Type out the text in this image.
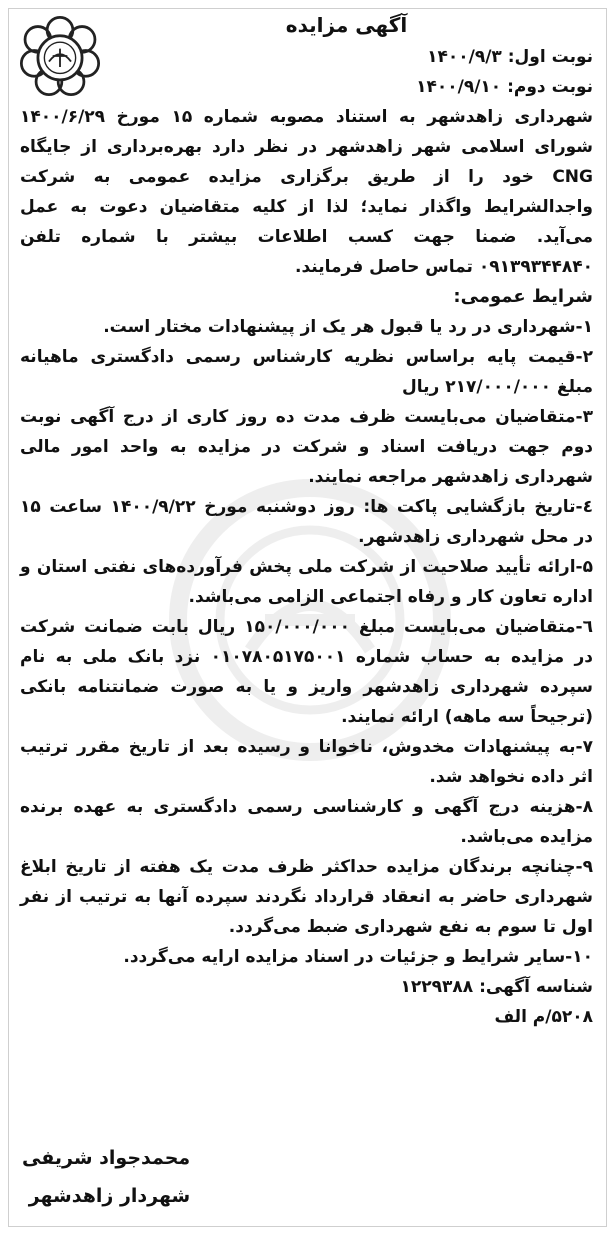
آگهی مزایده
نوبت اول: ۱۴۰۰/۹/۳
نوبت دوم: ۱۴۰۰/۹/۱۰

شهرداری زاهدشهر به استناد مصوبه شماره ۱۵ مورخ ۱۴۰۰/۶/۲۹ شورای اسلامی شهر زاهدشهر در نظر دارد بهره‌برداری از جایگاه CNG خود را از طریق برگزاری مزایده عمومی به شرکت واجدالشرایط واگذار نماید؛ لذا از کلیه متقاضیان دعوت به عمل می‌آید. ضمنا جهت کسب اطلاعات بیشتر با شماره تلفن ۰۹۱۳۹۳۴۴۸۴۰ تماس حاصل فرمایند.

شرایط عمومی:

۱-شهرداری در رد یا قبول هر یک از پیشنهادات مختار است.

۲-قیمت پایه براساس نظریه کارشناس رسمی دادگستری ماهیانه مبلغ ۲۱۷/۰۰۰/۰۰۰ ریال

۳-متقاضیان می‌بایست ظرف مدت ده روز کاری از درج آگهی نوبت دوم جهت دریافت اسناد و شرکت در مزایده به واحد امور مالی شهرداری زاهدشهر مراجعه نمایند.

٤-تاریخ بازگشایی پاکت ها: روز دوشنبه مورخ ۱۴۰۰/۹/۲۲ ساعت ۱۵ در محل شهرداری زاهدشهر.

۵-ارائه تأیید صلاحیت از شرکت ملی پخش فرآورده‌های نفتی استان و اداره تعاون کار و رفاه اجتماعی الزامی می‌باشد.

٦-متقاضیان می‌بایست مبلغ ۱۵۰/۰۰۰/۰۰۰ ریال بابت ضمانت شرکت در مزایده به حساب شماره ۰۱۰۷۸۰۵۱۷۵۰۰۱ نزد بانک ملی به نام سپرده شهرداری زاهدشهر واریز و یا به صورت ضمانتنامه بانکی (ترجیحاً سه ماهه) ارائه نمایند.

۷-به پیشنهادات مخدوش، ناخوانا و رسیده بعد از تاریخ مقرر ترتیب اثر داده نخواهد شد.

۸-هزینه درج آگهی و کارشناسی رسمی دادگستری به عهده برنده مزایده می‌باشد.

۹-چنانچه برندگان مزایده حداکثر ظرف مدت یک هفته از تاریخ ابلاغ شهرداری حاضر به انعقاد قرارداد نگردند سپرده آنها به ترتیب از نفر اول تا سوم به نفع شهرداری ضبط می‌گردد.

۱۰-سایر شرایط و جزئیات در اسناد مزایده ارایه می‌گردد.

شناسه آگهی: ۱۲۲۹۳۸۸

۵۲۰۸/م الف

محمدجواد شریفی
شهردار زاهدشهر
